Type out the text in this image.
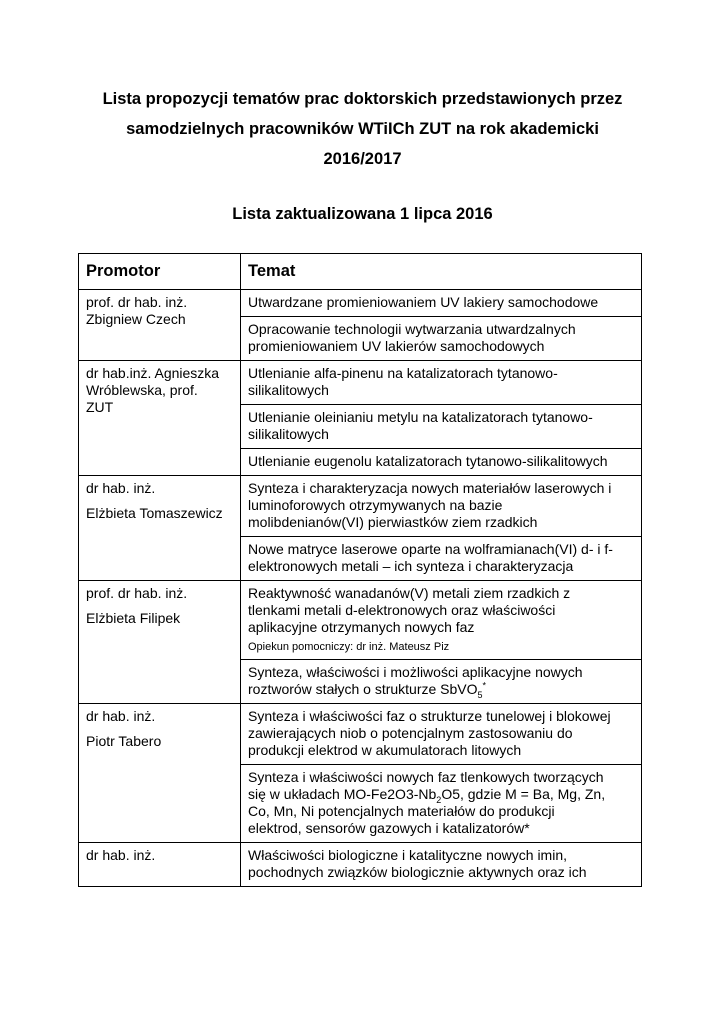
Lista propozycji tematów prac doktorskich przedstawionych przez
samodzielnych pracowników WTiICh ZUT na rok akademicki
2016/2017
Lista zaktualizowana 1 lipca 2016
Promotor	Temat

prof. dr hab. inż.
Zbigniew Czech	Utwardzane promieniowaniem UV lakiery samochodowe

	Opracowanie technologii wytwarzania utwardzalnych
promieniowaniem UV lakierów samochodowych

dr hab.inż. Agnieszka
Wróblewska, prof.
ZUT	Utlenianie alfa-pinenu na katalizatorach tytanowo-
silikalitowych

	Utlenianie oleinianiu metylu na katalizatorach tytanowo-
silikalitowych

	Utlenianie eugenolu katalizatorach tytanowo-silikalitowych

dr hab. inż.
Elżbieta Tomaszewicz	Synteza i charakteryzacja nowych materiałów laserowych i
luminoforowych otrzymywanych na bazie
molibdenianów(VI) pierwiastków ziem rzadkich

	Nowe matryce laserowe oparte na wolframianach(VI) d- i f-
elektronowych metali – ich synteza i charakteryzacja

prof. dr hab. inż.
Elżbieta Filipek	Reaktywność wanadanów(V) metali ziem rzadkich z
tlenkami metali d-elektronowych oraz właściwości
aplikacyjne otrzymanych nowych faz
Opiekun pomocniczy: dr inż. Mateusz Piz

	Synteza, właściwości i możliwości aplikacyjne nowych
roztworów stałych o strukturze SbVO$_5$*

dr hab. inż.
Piotr Tabero	Synteza i właściwości faz o strukturze tunelowej i blokowej
zawierających niob o potencjalnym zastosowaniu do
produkcji elektrod w akumulatorach litowych

	Synteza i właściwości nowych faz tlenkowych tworzących
się w układach $MO-Fe2O3-Nb_2O5$, gdzie M = Ba, Mg, Zn,
Co, Mn, Ni potencjalnych materiałów do produkcji
elektrod, sensorów gazowych i katalizatorów*

dr hab. inż.	Właściwości biologiczne i katalityczne nowych imin,
pochodnych związków biologicznie aktywnych oraz ich
